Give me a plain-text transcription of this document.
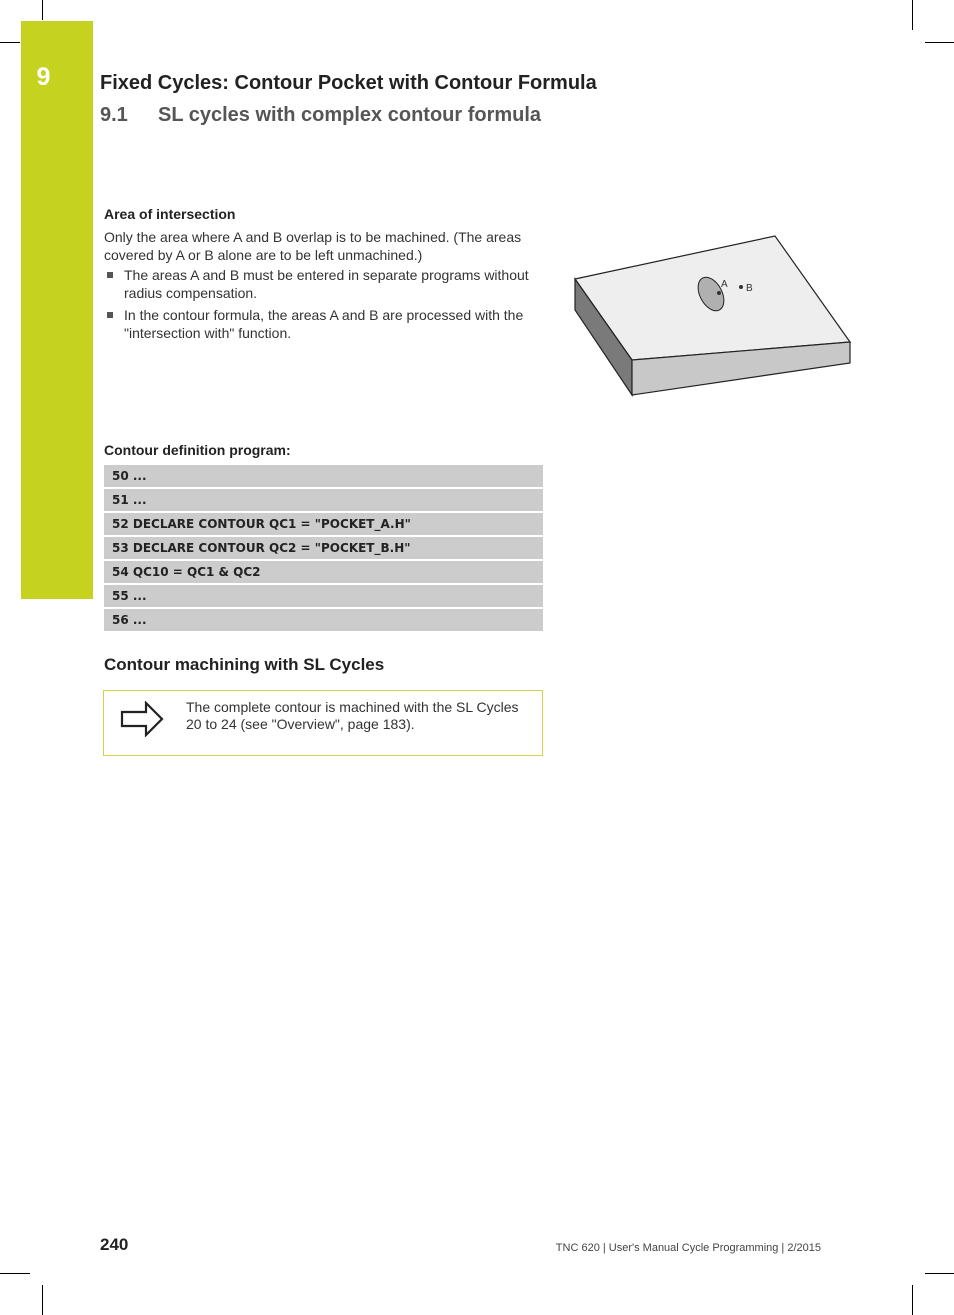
9	Fixed Cycles: Contour Pocket with Contour Formula
9.1 SL cycles with complex contour formula
Area of intersection
Only the area where A and B overlap is to be machined. (The areas covered by A or B alone are to be left unmachined.)
The areas A and B must be entered in separate programs without radius compensation.
In the contour formula, the areas A and B are processed with the "intersection with" function.
A B
Contour definition program:
50 ...
51 ...
52 DECLARE CONTOUR QC1 = "POCKET_A.H"
53 DECLARE CONTOUR QC2 = "POCKET_B.H"
54 QC10 = QC1 & QC2
55 ...
56 ...
Contour machining with SL Cycles
The complete contour is machined with the SL Cycles 20 to 24 (see "Overview", page 183).
240	TNC 620 | User's Manual Cycle Programming | 2/2015
